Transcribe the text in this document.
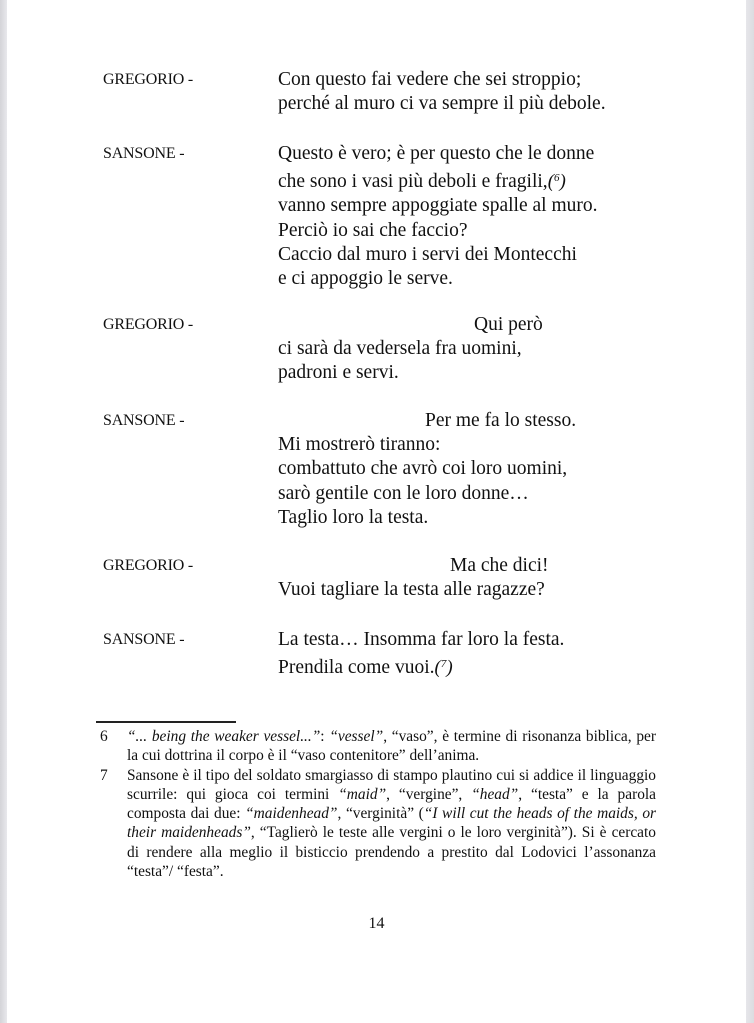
GREGORIO -	Con questo fai vedere che sei stroppio;
perché al muro ci va sempre il più debole.
SANSONE -	Questo è vero; è per questo che le donne
che sono i vasi più deboli e fragili,($^6$)
vanno sempre appoggiate spalle al muro.
Perciò io sai che faccio?
Caccio dal muro i servi dei Montecchi
e ci appoggio le serve.
GREGORIO -	Qui però
ci sarà da vedersela fra uomini,
padroni e servi.
SANSONE -	Per me fa lo stesso.
Mi mostrerò tiranno:
combattuto che avrò coi loro uomini,
sarò gentile con le loro donne…
Taglio loro la testa.
GREGORIO -	Ma che dici!
Vuoi tagliare la testa alle ragazze?
SANSONE -	La testa… Insomma far loro la festa.
Prendila come vuoi.($^7$)
6 “... being the weaker vessel...”: “vessel”, “vaso”, è termine di risonanza biblica, per la cui dottrina il corpo è il “vaso contenitore” dell’anima.
7 Sansone è il tipo del soldato smargiasso di stampo plautino cui si addice il linguaggio scurrile: qui gioca coi termini “maid”, “vergine”, “head”, “testa” e la parola composta dai due: “maidenhead”, “verginità” (“I will cut the heads of the maids, or their maidenheads”, “Taglierò le teste alle vergini o le loro verginità”). Si è cercato di rendere alla meglio il bisticcio prendendo a prestito dal Lodovici l’assonanza “testa”/ “festa”.
14
